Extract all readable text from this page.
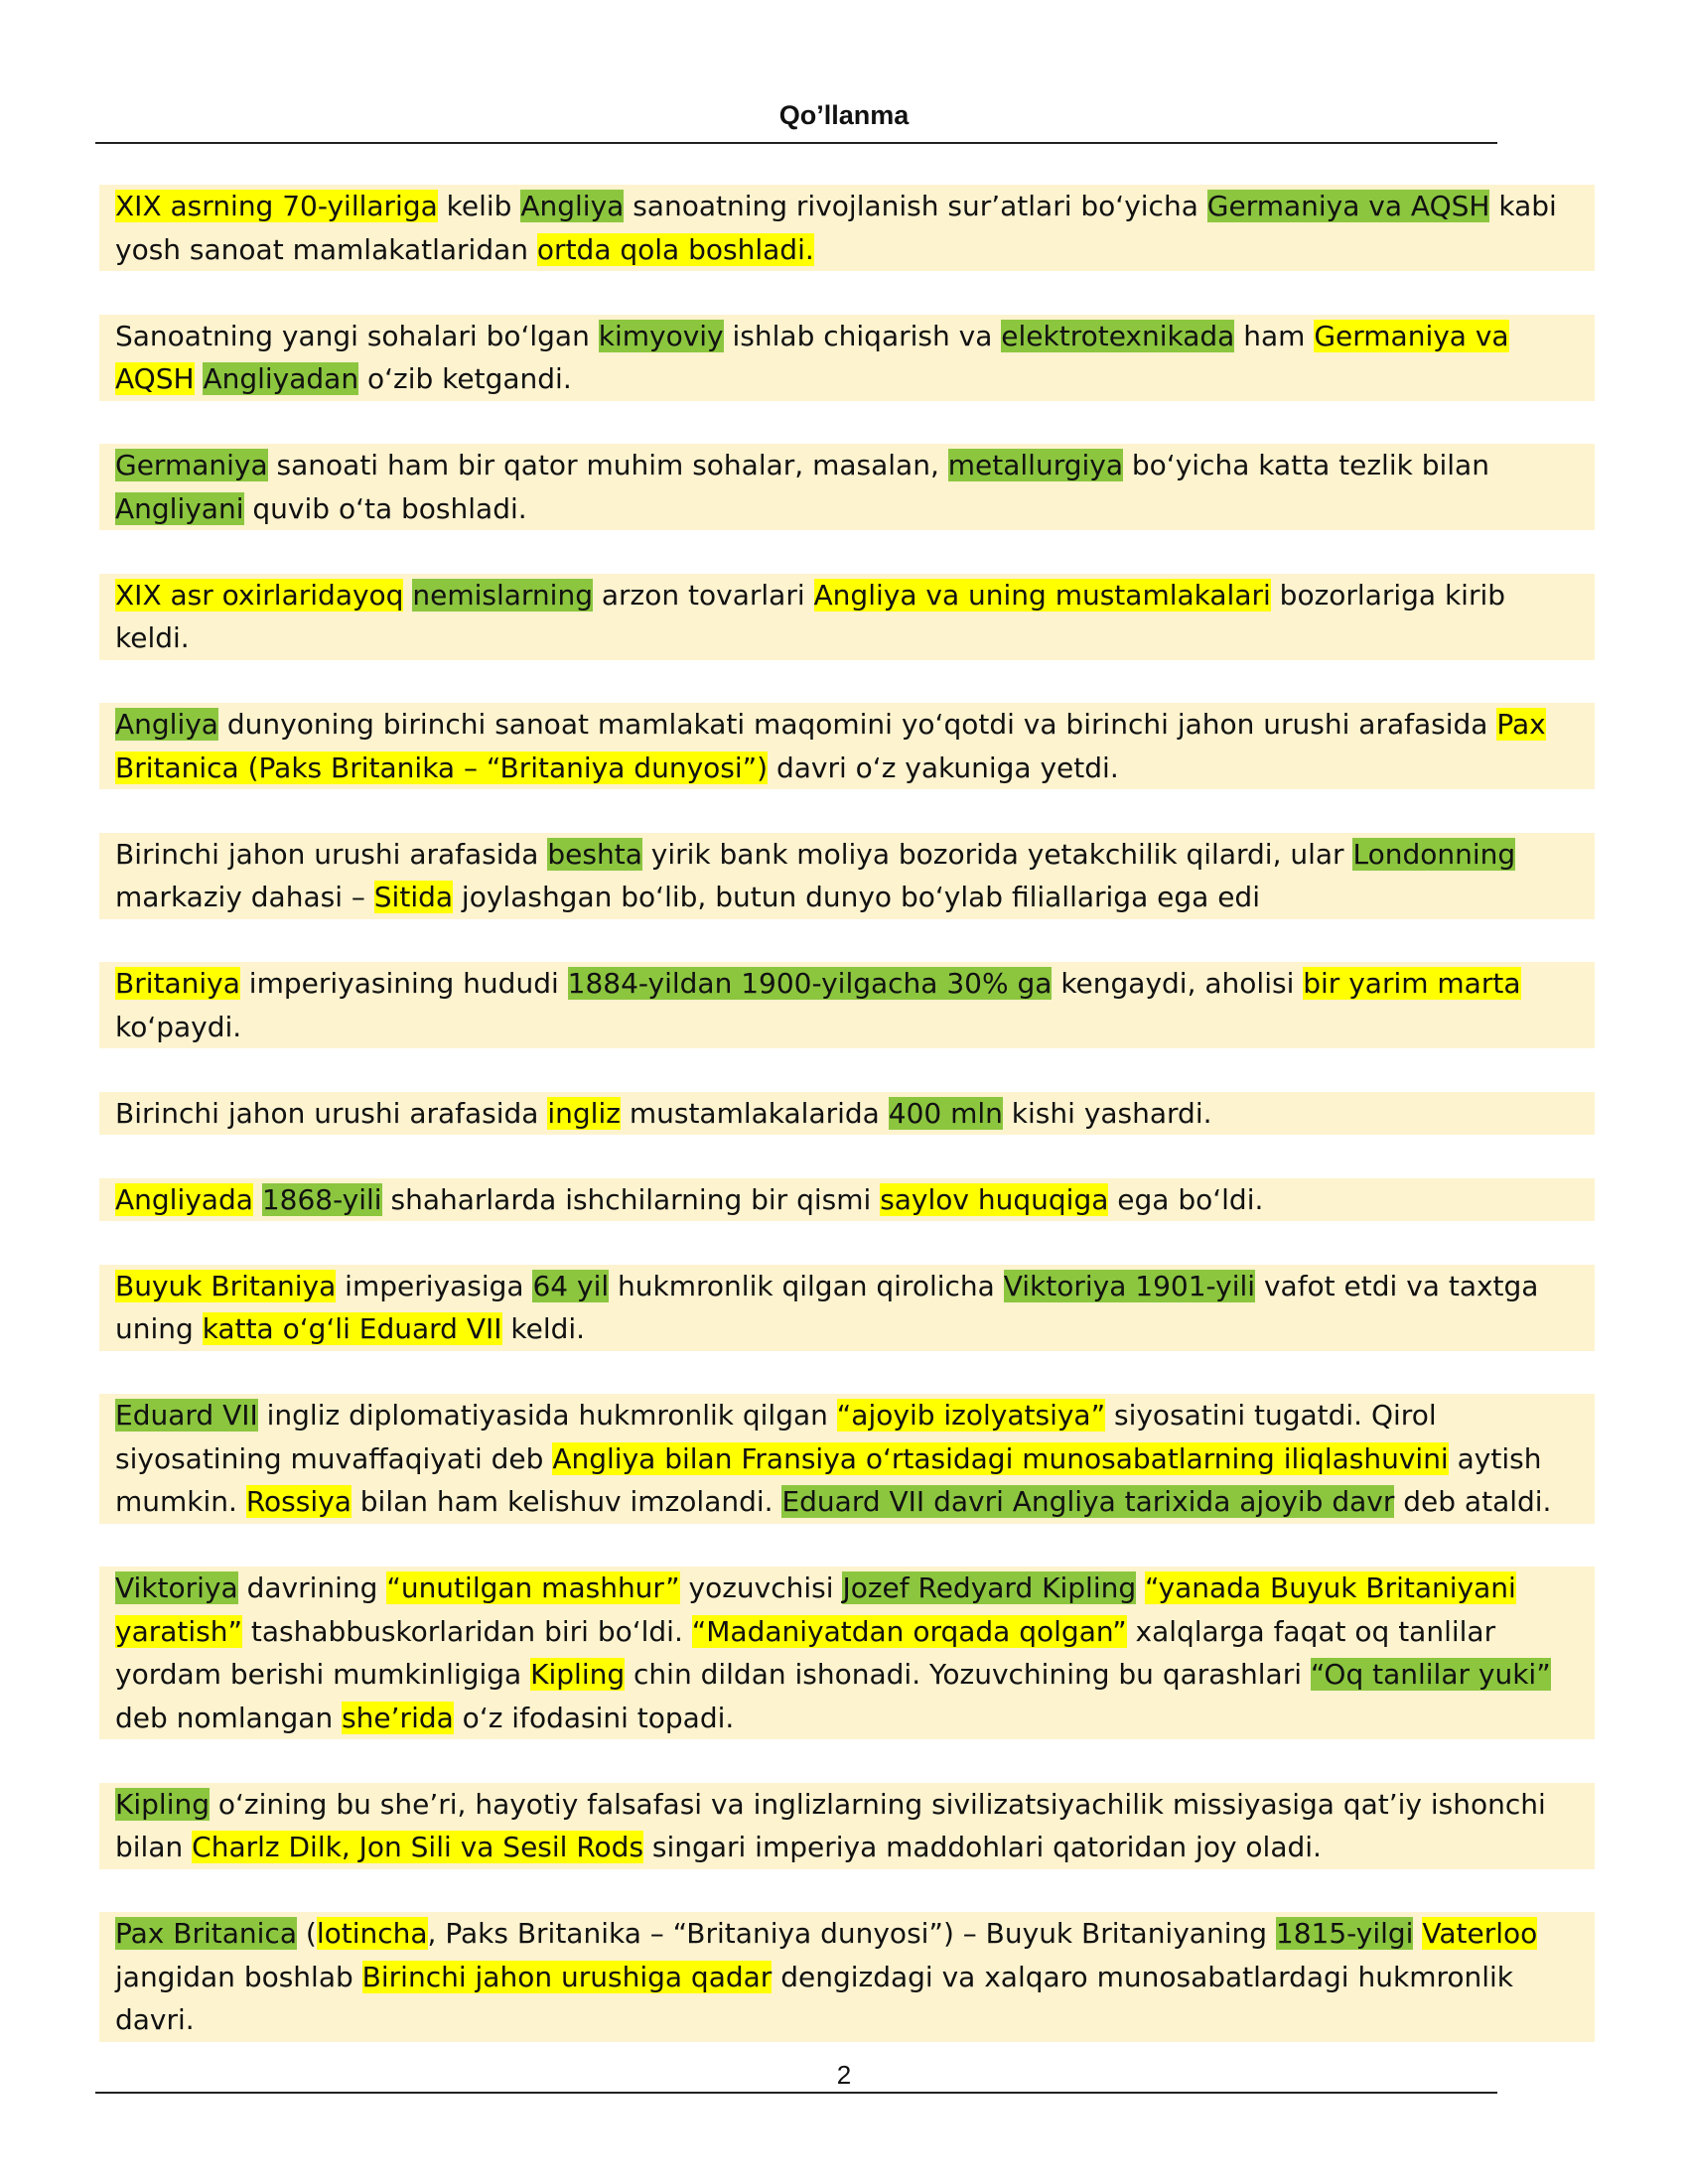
Qo’llanma
XIX asrning 70-yillariga kelib Angliya sanoatning rivojlanish sur’atlari bo‘yicha Germaniya va AQSH kabi yosh sanoat mamlakatlaridan ortda qola boshladi.
Sanoatning yangi sohalari bo‘lgan kimyoviy ishlab chiqarish va elektrotexnikada ham Germaniya va AQSH Angliyadan o‘zib ketgandi.
Germaniya sanoati ham bir qator muhim sohalar, masalan, metallurgiya bo‘yicha katta tezlik bilan Angliyani quvib o‘ta boshladi.
XIX asr oxirlaridayoq nemislarning arzon tovarlari Angliya va uning mustamlakalari bozorlariga kirib keldi.
Angliya dunyoning birinchi sanoat mamlakati maqomini yo‘qotdi va birinchi jahon urushi arafasida Pax Britanica (Paks Britanika – “Britaniya dunyosi”) davri o‘z yakuniga yetdi.
Birinchi jahon urushi arafasida beshta yirik bank moliya bozorida yetakchilik qilardi, ular Londonning markaziy dahasi – Sitida joylashgan bo‘lib, butun dunyo bo‘ylab filiallariga ega edi
Britaniya imperiyasining hududi 1884-yildan 1900-yilgacha 30% ga kengaydi, aholisi bir yarim marta ko‘paydi.
Birinchi jahon urushi arafasida ingliz mustamlakalarida 400 mln kishi yashardi.
Angliyada 1868-yili shaharlarda ishchilarning bir qismi saylov huquqiga ega bo‘ldi.
Buyuk Britaniya imperiyasiga 64 yil hukmronlik qilgan qirolicha Viktoriya 1901-yili vafot etdi va taxtga uning katta o‘g‘li Eduard VII keldi.
Eduard VII ingliz diplomatiyasida hukmronlik qilgan “ajoyib izolyatsiya” siyosatini tugatdi. Qirol siyosatining muvaffaqiyati deb Angliya bilan Fransiya o‘rtasidagi munosabatlarning iliqlashuvini aytish mumkin. Rossiya bilan ham kelishuv imzolandi. Eduard VII davri Angliya tarixida ajoyib davr deb ataldi.
Viktoriya davrining “unutilgan mashhur” yozuvchisi Jozef Redyard Kipling “yanada Buyuk Britaniyani yaratish” tashabbuskorlaridan biri bo‘ldi. “Madaniyatdan orqada qolgan” xalqlarga faqat oq tanlilar yordam berishi mumkinligiga Kipling chin dildan ishonadi. Yozuvchining bu qarashlari “Oq tanlilar yuki” deb nomlangan she’rida o‘z ifodasini topadi.
Kipling o‘zining bu she’ri, hayotiy falsafasi va inglizlarning sivilizatsiyachilik missiyasiga qat’iy ishonchi bilan Charlz Dilk, Jon Sili va Sesil Rods singari imperiya maddohlari qatoridan joy oladi.
Pax Britanica (lotincha, Paks Britanika – “Britaniya dunyosi”) – Buyuk Britaniyaning 1815-yilgi Vaterloo jangidan boshlab Birinchi jahon urushiga qadar dengizdagi va xalqaro munosabatlardagi hukmronlik davri.
2
